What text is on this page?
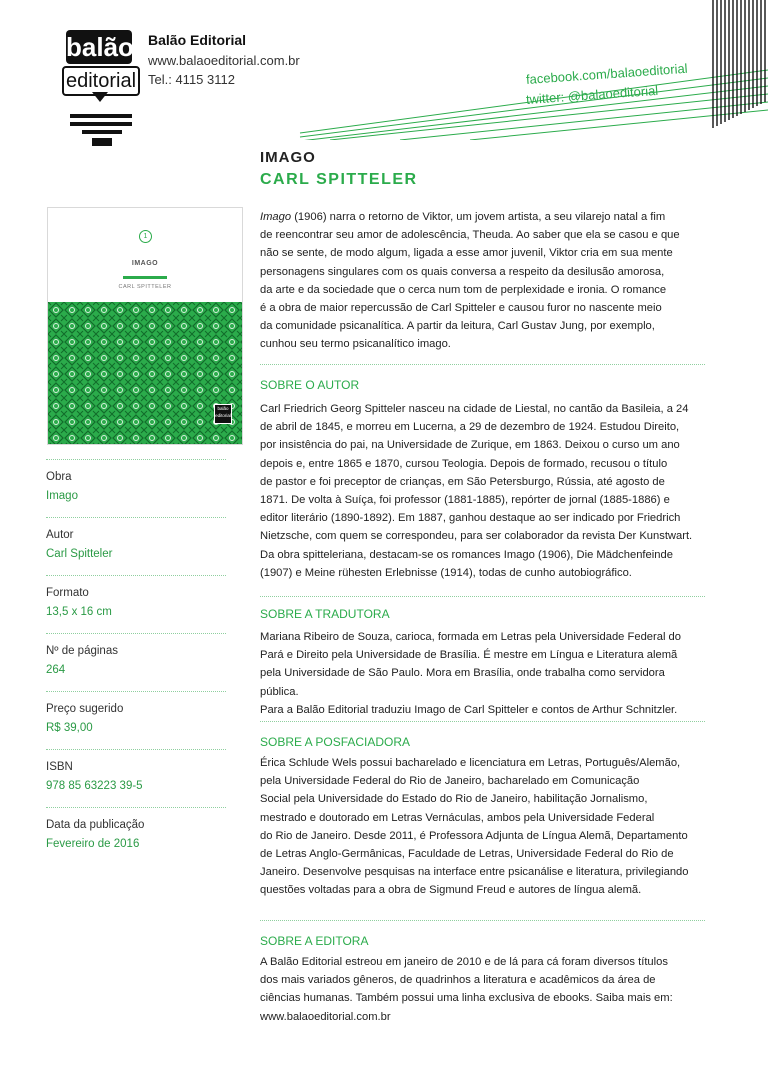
balão
editorial
Balão Editorial
www.balaoeditorial.com.br
Tel.: 4115 3112	facebook.com/balaoeditorial
twitter: @balaoeditorial
IMAGO
CARL SPITTELER

Imago (1906) narra o retorno de Viktor, um jovem artista, a seu vilarejo natal a fim

de reencontrar seu amor de adolescência, Theuda. Ao saber que ela se casou e que

não se sente, de modo algum, ligada a esse amor juvenil, Viktor cria em sua mente

personagens singulares com os quais conversa a respeito da desilusão amorosa,

da arte e da sociedade que o cerca num tom de perplexidade e ironia. O romance

é a obra de maior repercussão de Carl Spitteler e causou furor no nascente meio

da comunidade psicanalítica. A partir da leitura, Carl Gustav Jung, por exemplo,

cunhou seu termo psicanalítico imago.

SOBRE O AUTOR

Carl Friedrich Georg Spitteler nasceu na cidade de Liestal, no cantão da Basileia, a 24

de abril de 1845, e morreu em Lucerna, a 29 de dezembro de 1924. Estudou Direito,

por insistência do pai, na Universidade de Zurique, em 1863. Deixou o curso um ano

depois e, entre 1865 e 1870, cursou Teologia. Depois de formado, recusou o título

de pastor e foi preceptor de crianças, em São Petersburgo, Rússia, até agosto de

1871. De volta à Suíça, foi professor (1881-1885), repórter de jornal (1885-1886) e

editor literário (1890-1892). Em 1887, ganhou destaque ao ser indicado por Friedrich

Nietzsche, com quem se correspondeu, para ser colaborador da revista Der Kunstwart.

Da obra spitteleriana, destacam-se os romances Imago (1906), Die Mädchenfeinde

(1907) e Meine rühesten Erlebnisse (1914), todas de cunho autobiográfico.

SOBRE A TRADUTORA

Mariana Ribeiro de Souza, carioca, formada em Letras pela Universidade Federal do

Pará e Direito pela Universidade de Brasília. É mestre em Língua e Literatura alemã

pela Universidade de São Paulo. Mora em Brasília, onde trabalha como servidora pública.

Para a Balão Editorial traduziu Imago de Carl Spitteler e contos de Arthur Schnitzler.

SOBRE A POSFACIADORA

Érica Schlude Wels possui bacharelado e licenciatura em Letras, Português/Alemão,

pela Universidade Federal do Rio de Janeiro, bacharelado em Comunicação

Social pela Universidade do Estado do Rio de Janeiro, habilitação Jornalismo,

mestrado e doutorado em Letras Vernáculas, ambos pela Universidade Federal

do Rio de Janeiro. Desde 2011, é Professora Adjunta de Língua Alemã, Departamento

de Letras Anglo-Germânicas, Faculdade de Letras, Universidade Federal do Rio de

Janeiro. Desenvolve pesquisas na interface entre psicanálise e literatura, privilegiando

questões voltadas para a obra de Sigmund Freud e autores de língua alemã.

SOBRE A EDITORA

A Balão Editorial estreou em janeiro de 2010 e de lá para cá foram diversos títulos

dos mais variados gêneros, de quadrinhos a literatura e acadêmicos da área de

ciências humanas. Também possui uma linha exclusiva de ebooks. Saiba mais em:

www.balaoeditorial.com.br

1
IMAGO
CARL SPITTELER
balão editorial
Obra
Imago
Autor
Carl Spitteler
Formato
13,5 x 16 cm
Nº de páginas
264
Preço sugerido
R$ 39,00
ISBN
978 85 63223 39-5
Data da publicação
Fevereiro de 2016
